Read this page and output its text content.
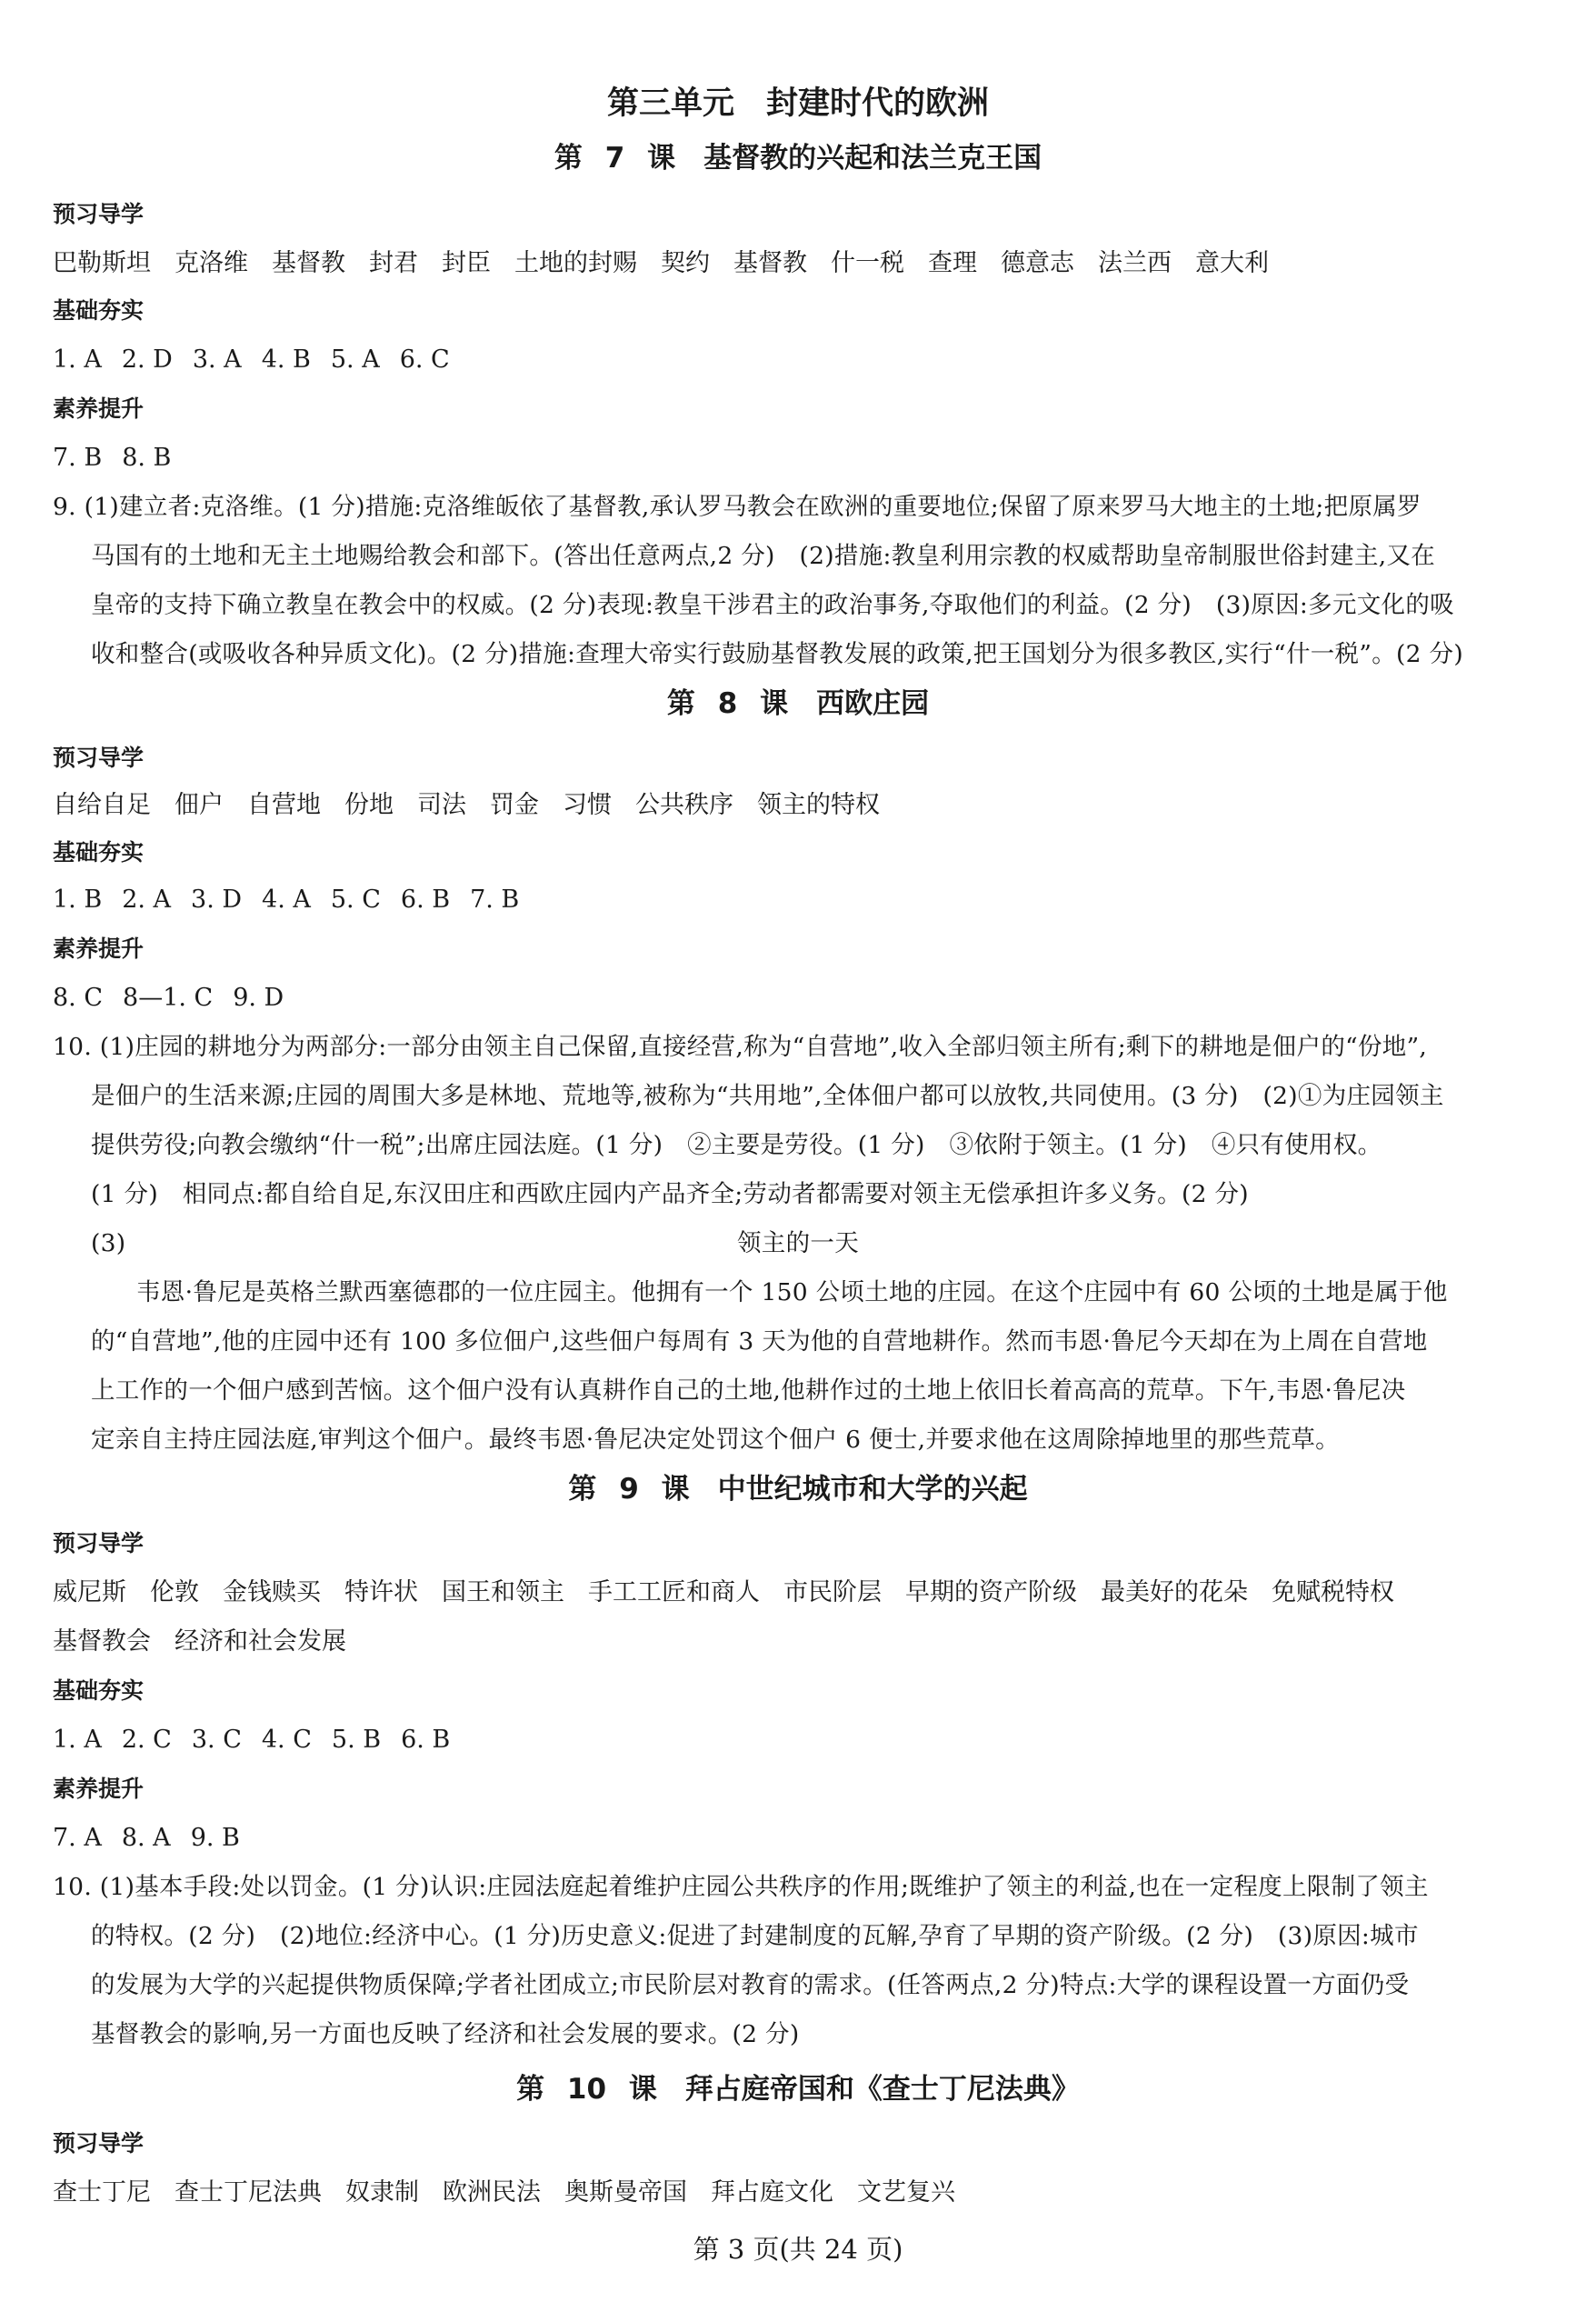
第三单元　封建时代的欧洲
第 7 课　基督教的兴起和法兰克王国
预习导学
巴勒斯坦 克洛维 基督教 封君 封臣 土地的封赐 契约 基督教 什一税 查理 德意志 法兰西 意大利
基础夯实
1. A 2. D 3. A 4. B 5. A 6. C
素养提升
7. B 8. B
9. (1)建立者:克洛维。(1 分)措施:克洛维皈依了基督教,承认罗马教会在欧洲的重要地位;保留了原来罗马大地主的土地;把原属罗
马国有的土地和无主土地赐给教会和部下。(答出任意两点,2 分)　(2)措施:教皇利用宗教的权威帮助皇帝制服世俗封建主,又在
皇帝的支持下确立教皇在教会中的权威。(2 分)表现:教皇干涉君主的政治事务,夺取他们的利益。(2 分)　(3)原因:多元文化的吸
收和整合(或吸收各种异质文化)。(2 分)措施:查理大帝实行鼓励基督教发展的政策,把王国划分为很多教区,实行“什一税”。(2 分)
第 8 课　西欧庄园
预习导学
自给自足 佃户 自营地 份地 司法 罚金 习惯 公共秩序 领主的特权
基础夯实
1. B 2. A 3. D 4. A 5. C 6. B 7. B
素养提升
8. C 8—1. C 9. D
10. (1)庄园的耕地分为两部分:一部分由领主自己保留,直接经营,称为“自营地”,收入全部归领主所有;剩下的耕地是佃户的“份地”,
是佃户的生活来源;庄园的周围大多是林地、荒地等,被称为“共用地”,全体佃户都可以放牧,共同使用。(3 分)　(2)①为庄园领主
提供劳役;向教会缴纳“什一税”;出席庄园法庭。(1 分)　②主要是劳役。(1 分)　③依附于领主。(1 分)　④只有使用权。
(1 分)　相同点:都自给自足,东汉田庄和西欧庄园内产品齐全;劳动者都需要对领主无偿承担许多义务。(2 分)
(3)	领主的一天
韦恩·鲁尼是英格兰默西塞德郡的一位庄园主。他拥有一个 150 公顷土地的庄园。在这个庄园中有 60 公顷的土地是属于他
的“自营地”,他的庄园中还有 100 多位佃户,这些佃户每周有 3 天为他的自营地耕作。然而韦恩·鲁尼今天却在为上周在自营地
上工作的一个佃户感到苦恼。这个佃户没有认真耕作自己的土地,他耕作过的土地上依旧长着高高的荒草。下午,韦恩·鲁尼决
定亲自主持庄园法庭,审判这个佃户。最终韦恩·鲁尼决定处罚这个佃户 6 便士,并要求他在这周除掉地里的那些荒草。
第 9 课　中世纪城市和大学的兴起
预习导学
威尼斯 伦敦 金钱赎买 特许状 国王和领主 手工工匠和商人 市民阶层 早期的资产阶级 最美好的花朵 免赋税特权
基督教会 经济和社会发展
基础夯实
1. A 2. C 3. C 4. C 5. B 6. B
素养提升
7. A 8. A 9. B
10. (1)基本手段:处以罚金。(1 分)认识:庄园法庭起着维护庄园公共秩序的作用;既维护了领主的利益,也在一定程度上限制了领主
的特权。(2 分)　(2)地位:经济中心。(1 分)历史意义:促进了封建制度的瓦解,孕育了早期的资产阶级。(2 分)　(3)原因:城市
的发展为大学的兴起提供物质保障;学者社团成立;市民阶层对教育的需求。(任答两点,2 分)特点:大学的课程设置一方面仍受
基督教会的影响,另一方面也反映了经济和社会发展的要求。(2 分)
第 10 课　拜占庭帝国和《查士丁尼法典》
预习导学
查士丁尼 查士丁尼法典 奴隶制 欧洲民法 奥斯曼帝国 拜占庭文化 文艺复兴
第 3 页(共 24 页)
